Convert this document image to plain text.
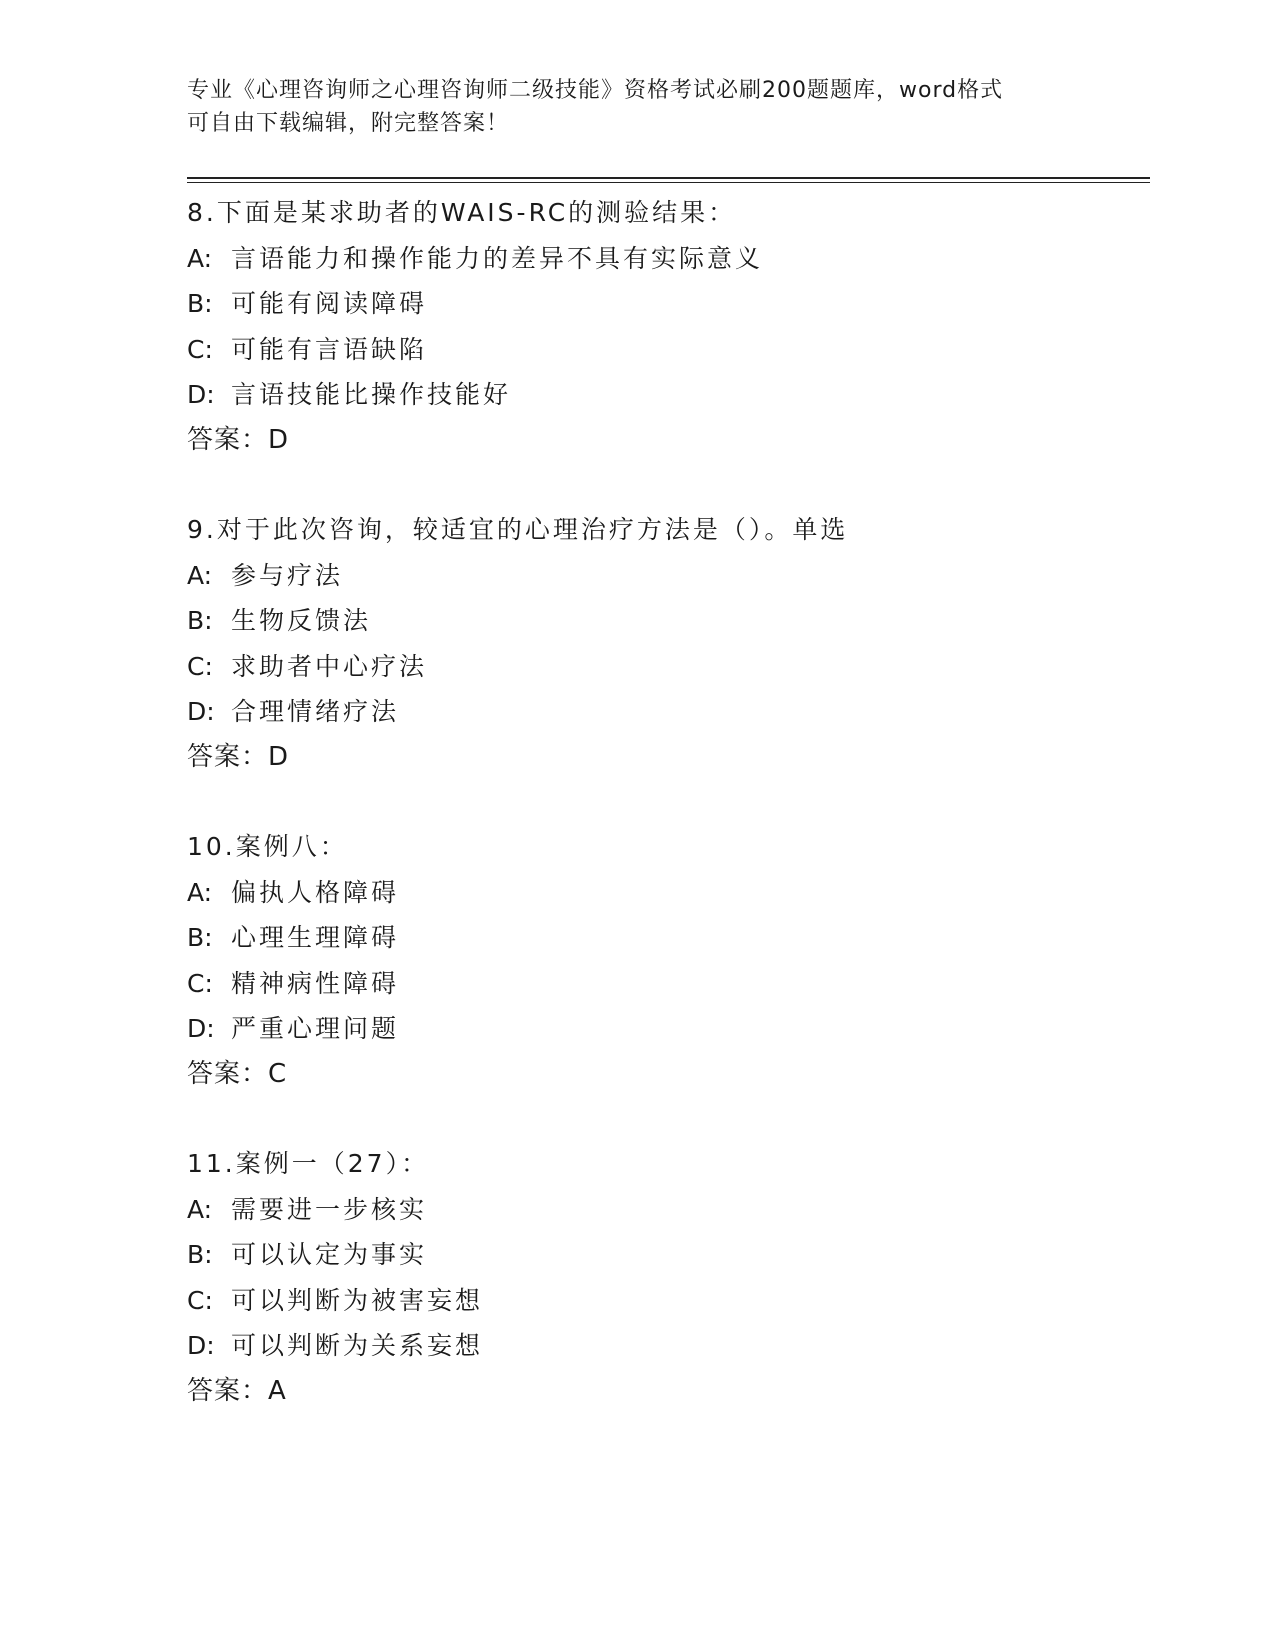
专业《心理咨询师之心理咨询师二级技能》资格考试必刷200题题库，word格式
可自由下载编辑，附完整答案！
8.下面是某求助者的WAIS-RC的测验结果：
A: 言语能力和操作能力的差异不具有实际意义
B: 可能有阅读障碍
C: 可能有言语缺陷
D: 言语技能比操作技能好
答案：D
9.对于此次咨询，较适宜的心理治疗方法是（）。单选
A: 参与疗法
B: 生物反馈法
C: 求助者中心疗法
D: 合理情绪疗法
答案：D
10.案例八：
A: 偏执人格障碍
B: 心理生理障碍
C: 精神病性障碍
D: 严重心理问题
答案：C
11.案例一（27）：
A: 需要进一步核实
B: 可以认定为事实
C: 可以判断为被害妄想
D: 可以判断为关系妄想
答案：A
